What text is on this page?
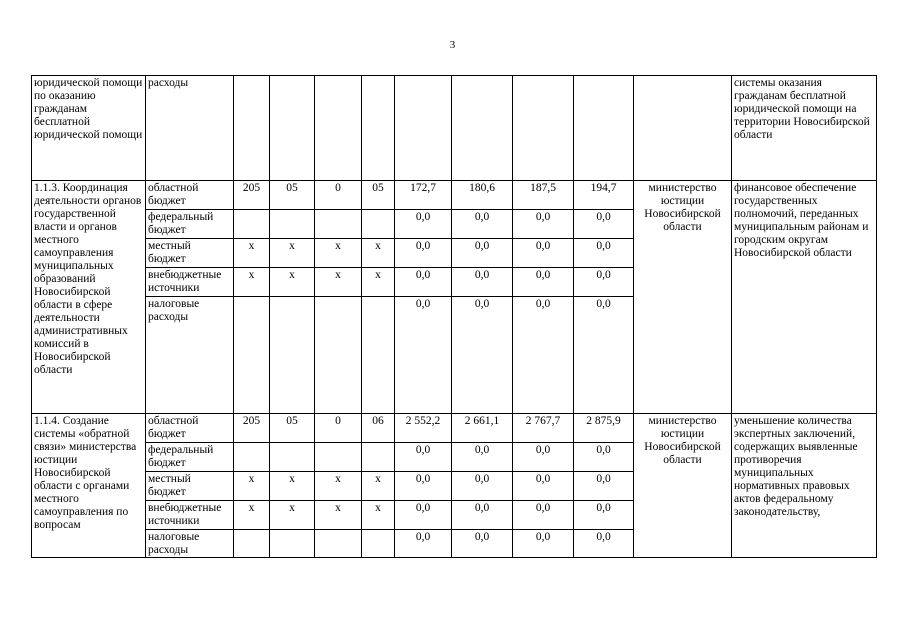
3
юридической помощи по оказанию гражданам бесплатной юридической помощи	расходы										системы оказания гражданам бесплатной юридической помощи на территории Новосибирской области
1.1.3. Координация деятельности органов государственной власти и органов местного самоуправления муниципальных образований Новосибирской области в сфере деятельности административных комиссий в Новосибирской области	областной бюджет	205	05	0	05	172,7	180,6	187,5	194,7	министерство юстиции Новосибирской области	финансовое обеспечение государственных полномочий, переданных муниципальным районам и городским округам Новосибирской области
	федеральный бюджет					0,0	0,0	0,0	0,0		
	местный бюджет	х	х	х	х	0,0	0,0	0,0	0,0		
	внебюджетные источники	х	х	х	х	0,0	0,0	0,0	0,0		
	налоговые расходы					0,0	0,0	0,0	0,0		
1.1.4. Создание системы «обратной связи» министерства юстиции Новосибирской области с органами местного самоуправления по вопросам	областной бюджет	205	05	0	06	2 552,2	2 661,1	2 767,7	2 875,9	министерство юстиции Новосибирской области	уменьшение количества экспертных заключений, содержащих выявленные противоречия муниципальных нормативных правовых актов федеральному законодательству,
	федеральный бюджет					0,0	0,0	0,0	0,0		
	местный бюджет	х	х	х	х	0,0	0,0	0,0	0,0		
	внебюджетные источники	х	х	х	х	0,0	0,0	0,0	0,0		
	налоговые расходы					0,0	0,0	0,0	0,0		
